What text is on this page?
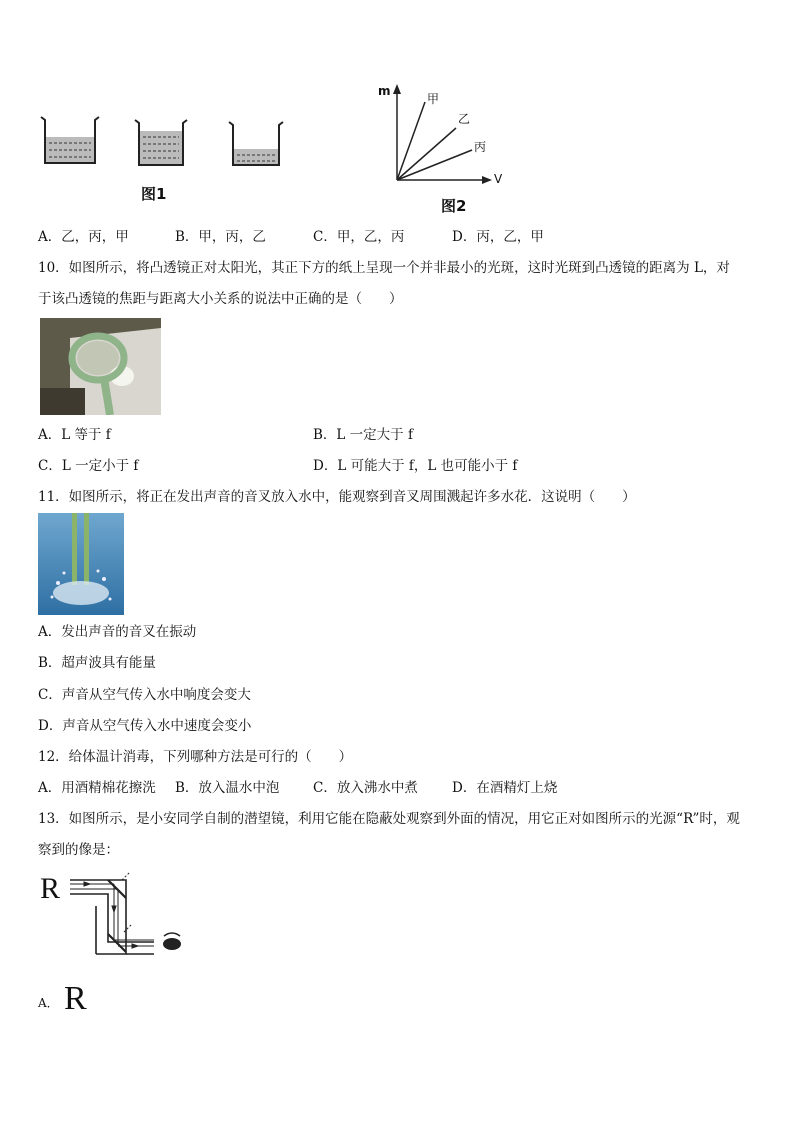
图1
m
V
甲
乙
丙
图2
A．乙，丙，甲	B．甲，丙，乙	C．甲，乙，丙	D．丙，乙，甲
10．如图所示，将凸透镜正对太阳光，其正下方的纸上呈现一个并非最小的光斑，这时光斑到凸透镜的距离为 L，对
于该凸透镜的焦距与距离大小关系的说法中正确的是（　　）
A．L 等于 f	B．L 一定大于 f
C．L 一定小于 f	D．L 可能大于 f，L 也可能小于 f
11．如图所示，将正在发出声音的音叉放入水中，能观察到音叉周围溅起许多水花．这说明（　　）
A．发出声音的音叉在振动
B．超声波具有能量
C．声音从空气传入水中响度会变大
D．声音从空气传入水中速度会变小
12．给体温计消毒，下列哪种方法是可行的（　　）
A．用酒精棉花擦洗 B．放入温水中泡 C．放入沸水中煮	D．在酒精灯上烧
13．如图所示，是小安同学自制的潜望镜，利用它能在隐蔽处观察到外面的情况，用它正对如图所示的光源“R”时，观
察到的像是：
R
A． R
